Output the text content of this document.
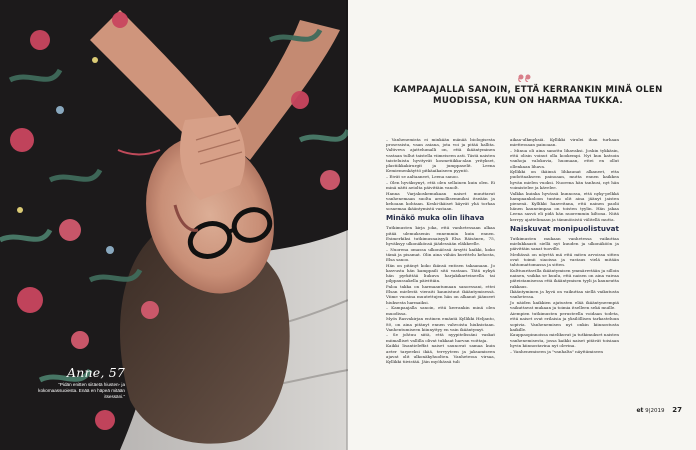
Anne, 57
”Pidän enitten siitäetä hiusten- ja kokomaassuoiesta. Enää en häpeä mitään itsessäni.”
KAMPAAJALLA SANOIN, ETTÄ KERRANKIN MINÄ OLEN MUODISSA, KUN ON HARMAA TUKKA.

– Vanhenemista ei minkään mänää biologisesta prosessista, vaan asiana, jota voi ja pitää hallita. Valtiveva ajattelumalli on, että ikääntyminen vastaan tullut taistella viimeiseen asti. Tästä naisten taisteluista hyvityvät kosmetiikka-alan yritykset, plastiikkakirurgit ja jumppaselit. Leena Kemiemenkäyttö pitkäaikaiseen pyyntö.

– Eivät se aaltaaneet, Leena sanoo.

– Olen hyväksynyt, että olen sellainen kuin olen. Ei minä nätti aeiolta päivittäin vanolt.

Hanna Varjakoskemukaan naiset muuttavat vanhenemaan suolta armollisemmiksi itseään ja kehoaan kohtaan. Keski-ikäiset käyvät yhä torhaa sosaemaa ikääntymistä vastaan.

Minäkö muka olin lihava

Tutkimusten kirja joka, että vanhetessaan alkaa pitää ulemuksenin ennemmin kuin ennen. Esimerkiksi tutkimusnaisyyli Elsa Räisänen, 75, hyväksyy ulkonäkönsä jäädessään eläkkeelle.

– Nuorena omassa ulkonäössä ärsytti kaikki, koko tämä ja pisamat. Olin aina vähän kuvittelu kehosta, Elsa sanoo.

Hän on pitänyt koko ikänsä entisen takaanaan. Jo kasvusta hän kamppaili sitä vastaan. Tätä nykyä hän pyrkittää liukuva harjakikarteineella tai pilppaussakella päivittäin.

Paloa takka on harmaantumaan sanoessani, ettei Elsan mielestä vieraiti kaunistuut ikääntymisessä. Viime vuosina muutettujen hän on alkanut jäänseet hiuksesta harmaiksi.

– Kampaajalla sanoin, että kerrankin minä olen muodissa.

Myös Rasvakirjan entinen emäntä Kyllikki Heljanto, 80, on aina pitänyt ennen vahvoista hiuksistaan. Vanhentumiseen kiinnyttyy en vain ikääntymyt.

– Se johtuu siitä, että nyypitelissäni vaskat miimalliset vallilla olivat tukkaat harvan voittaja.

Kaikki lisantieleffat naiset saunovat samaa kuin aeter tarpeeksi ikää, tervyyteen ja jaksamiseen ajavat olit ulkonäkyhuolten. Vanhetessa virsaa, Kyllikki tiivistää. Jäin myöhässä tuli

aikaa-ulkmyksiä. Kyllikki virulei ihan turhaan miettessaan painoaan.

– Minua oli aina sanottu lihavaksi. Joskin tykkäsin, että olisin voinut olla kookempi. Nyt kun katsoin vanhoja valokuvia, huomaan, ettei en ollut ollenkaan lihava.

Kyllikki on ikäinsä lihkaunat alkaneet, etta pudottaakseen painoaan, mutta ennen kaikkea hyvän mielen vuoksi. Nuorena hän tanhusi, nyt hän voimistelee ja kävelee.

Valkka kuinka hyvässä kunnossa, että nyky-pelkkä hampaankoloon tuntuu olit aina jäänyt jaisten pienenä. Kyllikki haaveitana, että nainen paolii hänen kauneimpaa on toisten tyylin. Hän jakaa Leena sasvä eli pidä hän nuoremmin kiltona. Niitä kerryy ajattelimaan ja tämmöisistä välitellä mutta.

Naiskuvat monipuolistuvat

Tutkimusten mukaan vanhetessa vaikuttaa mielukkaasti siellä nyt kuuden ja ulkonäköön ja päivittäin sanat tuoville.

Mediässä on nöyrttä mä että miten arvoissa sitten ovat toimii siaoissa ja vastaus vielä mitään tahtomattomassa ja sitten.

Kulttuuritavilla ikääntymisen ymmärretään ja silloin nainen, vaikka se kuulu, että naisen on aina vaivaa päteistamisessa että ikääntymisen tyyli ja kauneutta rakkaus.

Ikääntyminen ja hyvä on vaikuttaa siellä vaikutusta vanhetessa.

Jo näiden kaikkien ajatusten elää ikääntyneempiä vaikuttavat mukaan ja toimia itselleen sekä muille.

Aiempien tutkimusten perusteella voidaan todeta, että naiset ovat erilaisia ja yksilöllisen tarkasteluun sopivia. Vanhenemisen nyt onkin kiinnostusta kaikille.

Kauppaopinnoissa mielikuvat ja tutkimukset naisten vanhenemisesta, jossa kaikki naiset pitävät toisiaan hyvin kiinnostavina nyt olevina.

– Vanhenemiseen ja "vanhalta" näyttämiseen

et 9|2019 27
